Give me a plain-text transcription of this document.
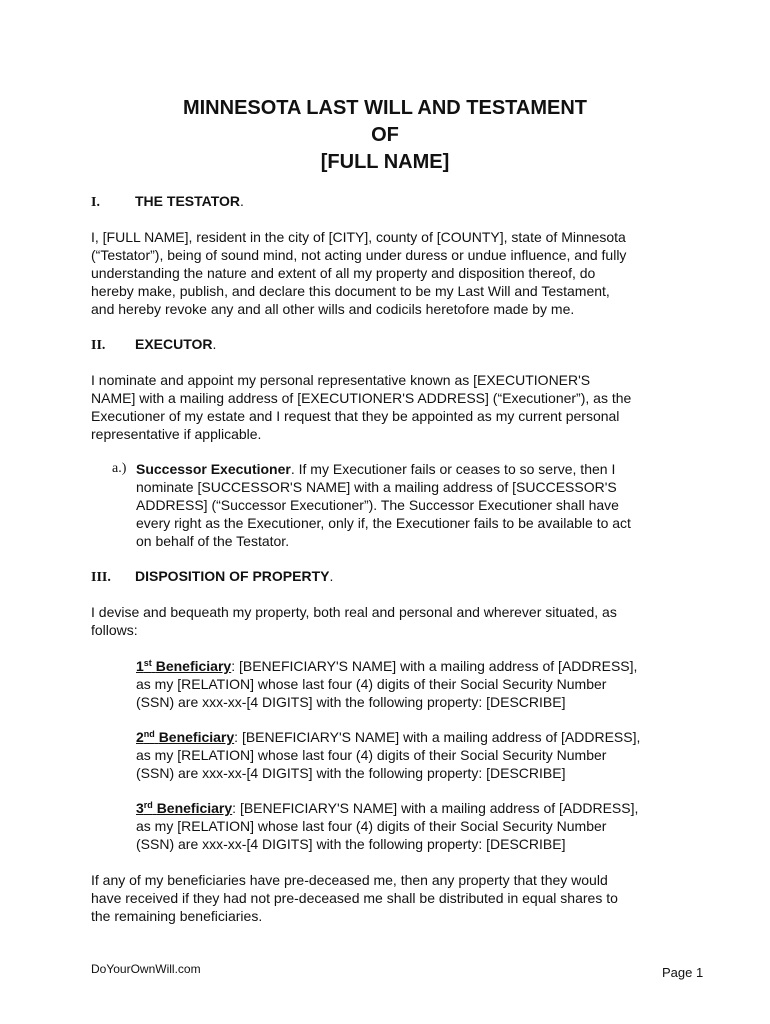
MINNESOTA LAST WILL AND TESTAMENT
OF
[FULL NAME]
I.	THE TESTATOR.
I, [FULL NAME], resident in the city of [CITY], county of [COUNTY], state of Minnesota
(“Testator”), being of sound mind, not acting under duress or undue influence, and fully
understanding the nature and extent of all my property and disposition thereof, do
hereby make, publish, and declare this document to be my Last Will and Testament,
and hereby revoke any and all other wills and codicils heretofore made by me.
II. EXECUTOR.
I nominate and appoint my personal representative known as [EXECUTIONER'S
NAME] with a mailing address of [EXECUTIONER'S ADDRESS] (“Executioner”), as the
Executioner of my estate and I request that they be appointed as my current personal
representative if applicable.
a.) Successor Executioner. If my Executioner fails or ceases to so serve, then I
nominate [SUCCESSOR'S NAME] with a mailing address of [SUCCESSOR'S
ADDRESS] (“Successor Executioner”). The Successor Executioner shall have
every right as the Executioner, only if, the Executioner fails to be available to act
on behalf of the Testator.
III. DISPOSITION OF PROPERTY.
I devise and bequeath my property, both real and personal and wherever situated, as
follows:
1st Beneficiary: [BENEFICIARY'S NAME] with a mailing address of [ADDRESS],
as my [RELATION] whose last four (4) digits of their Social Security Number
(SSN) are xxx-xx-[4 DIGITS] with the following property: [DESCRIBE]
2nd Beneficiary: [BENEFICIARY'S NAME] with a mailing address of [ADDRESS],
as my [RELATION] whose last four (4) digits of their Social Security Number
(SSN) are xxx-xx-[4 DIGITS] with the following property: [DESCRIBE]
3rd Beneficiary: [BENEFICIARY'S NAME] with a mailing address of [ADDRESS],
as my [RELATION] whose last four (4) digits of their Social Security Number
(SSN) are xxx-xx-[4 DIGITS] with the following property: [DESCRIBE]
If any of my beneficiaries have pre-deceased me, then any property that they would
have received if they had not pre-deceased me shall be distributed in equal shares to
the remaining beneficiaries.
DoYourOwnWill.com	Page 1
